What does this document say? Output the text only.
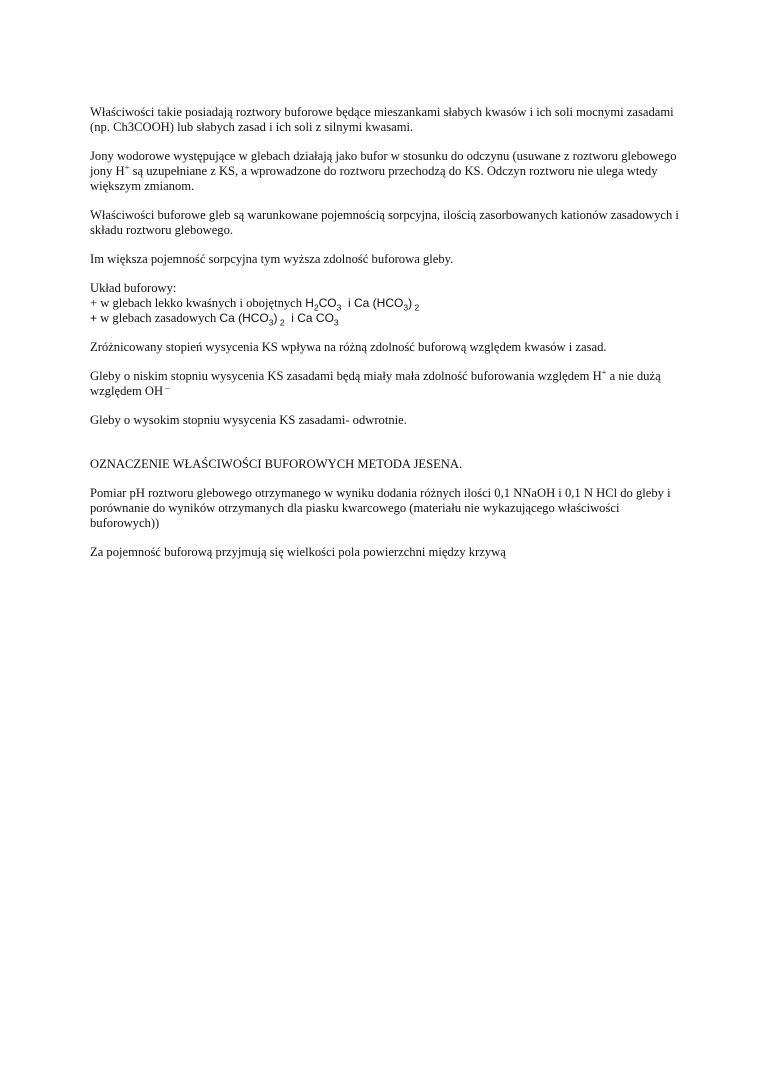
Właściwości takie posiadają roztwory buforowe będące mieszankami słabych kwasów i ich soli mocnymi zasadami (np. Ch3COOH) lub słabych zasad i ich soli z silnymi kwasami.

Jony wodorowe występujące w glebach działają jako bufor w stosunku do odczynu (usuwane z roztworu glebowego jony H+ są uzupełniane z KS, a wprowadzone do roztworu przechodzą do KS. Odczyn roztworu nie ulega wtedy większym zmianom.

Właściwości buforowe gleb są warunkowane pojemnością sorpcyjna, ilością zasorbowanych kationów zasadowych i składu roztworu glebowego.

Im większa pojemność sorpcyjna tym wyższa zdolność buforowa gleby.

Układ buforowy:
+ w glebach lekko kwaśnych i obojętnych $H_2CO_3$  i Ca $(HCO_3)$ $_2$
+ w glebach zasadowych Ca $(HCO_3)$ $_2$  i Ca $CO_3$

Zróżnicowany stopień wysycenia KS wpływa na różną zdolność buforową względem kwasów i zasad.

Gleby o niskim stopniu wysycenia KS zasadami będą miały mała zdolność buforowania względem H+ a nie dużą względem OH –

Gleby o wysokim stopniu wysycenia KS zasadami- odwrotnie.

OZNACZENIE WŁAŚCIWOŚCI BUFOROWYCH METODA JESENA.

Pomiar pH roztworu glebowego otrzymanego w wyniku dodania różnych ilości 0,1 NNaOH i 0,1 N HCl do gleby i porównanie do wyników otrzymanych dla piasku kwarcowego (materiału nie wykazującego właściwości buforowych))

Za pojemność buforową przyjmują się wielkości pola powierzchni między krzywą
